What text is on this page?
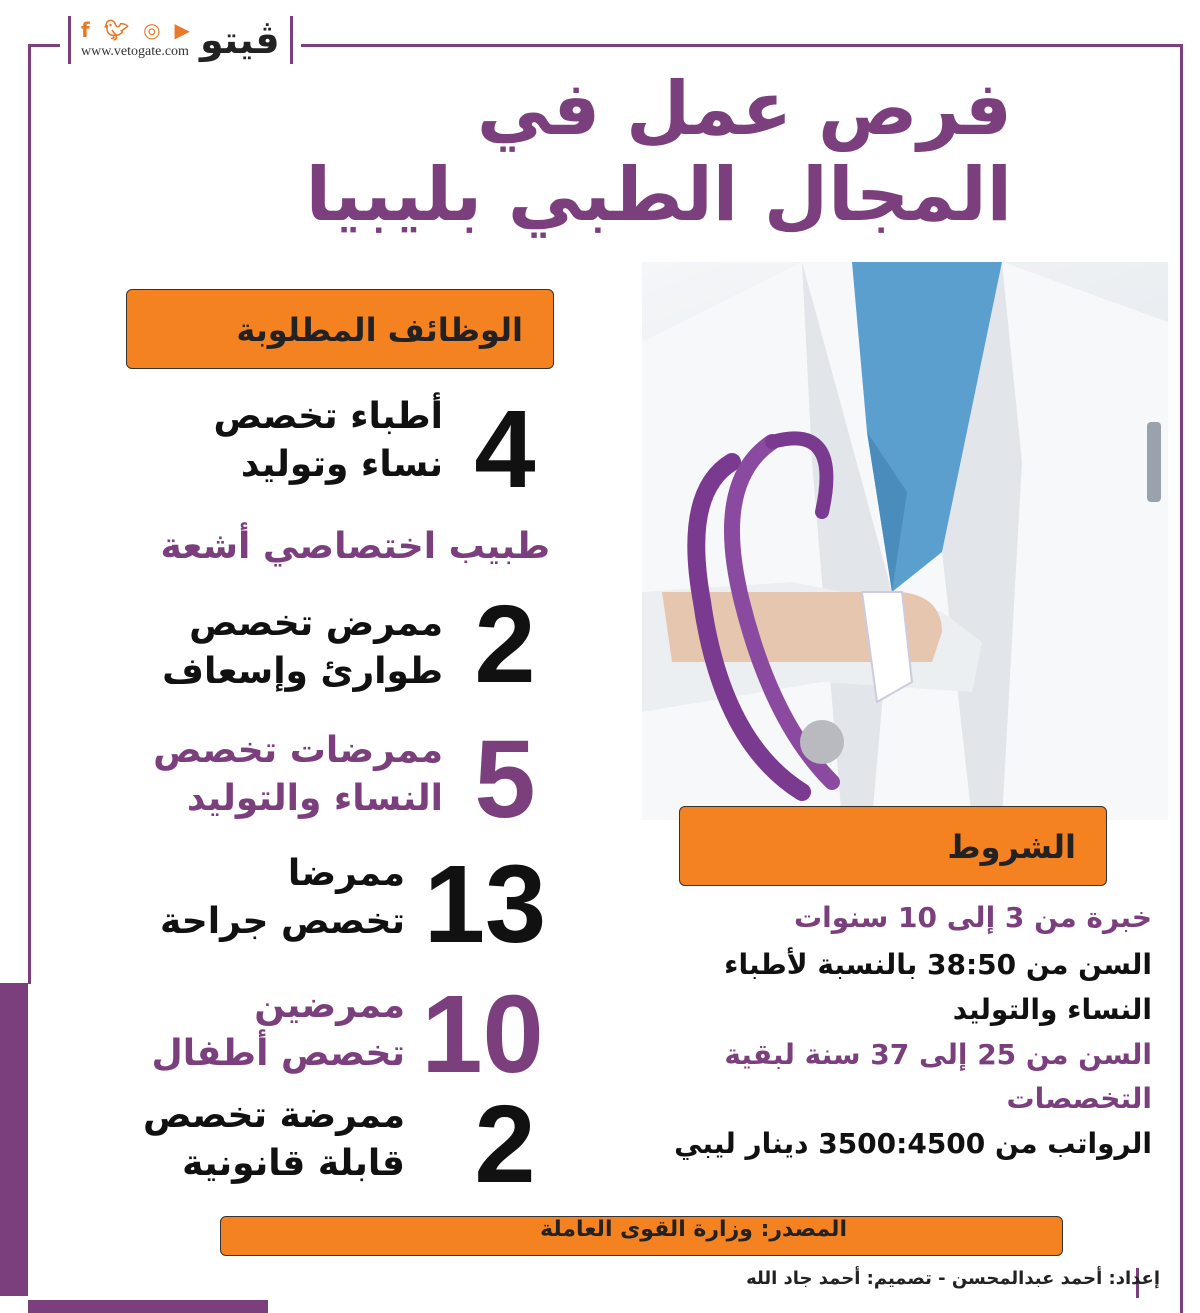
f 🐦︎ ◎ ▶
www.vetogate.com ڤيتو
فرص عمل في
المجال الطبي بليبيا
الوظائف المطلوبة
4
أطباء تخصص
نساء وتوليد
طبيب اختصاصي أشعة
2
ممرض تخصص
طوارئ وإسعاف
5
ممرضات تخصص
النساء والتوليد
13
ممرضا
تخصص جراحة
10
ممرضين
تخصص أطفال
2
ممرضة تخصص
قابلة قانونية
الشروط
خبرة من 3 إلى 10 سنوات
السن من 38:50 بالنسبة لأطباء
النساء والتوليد
السن من 25 إلى 37 سنة لبقية
التخصصات
الرواتب من 3500:4500 دينار ليبي
المصدر: وزارة القوى العاملة
إعداد: أحمد عبدالمحسن - تصميم: أحمد جاد الله
